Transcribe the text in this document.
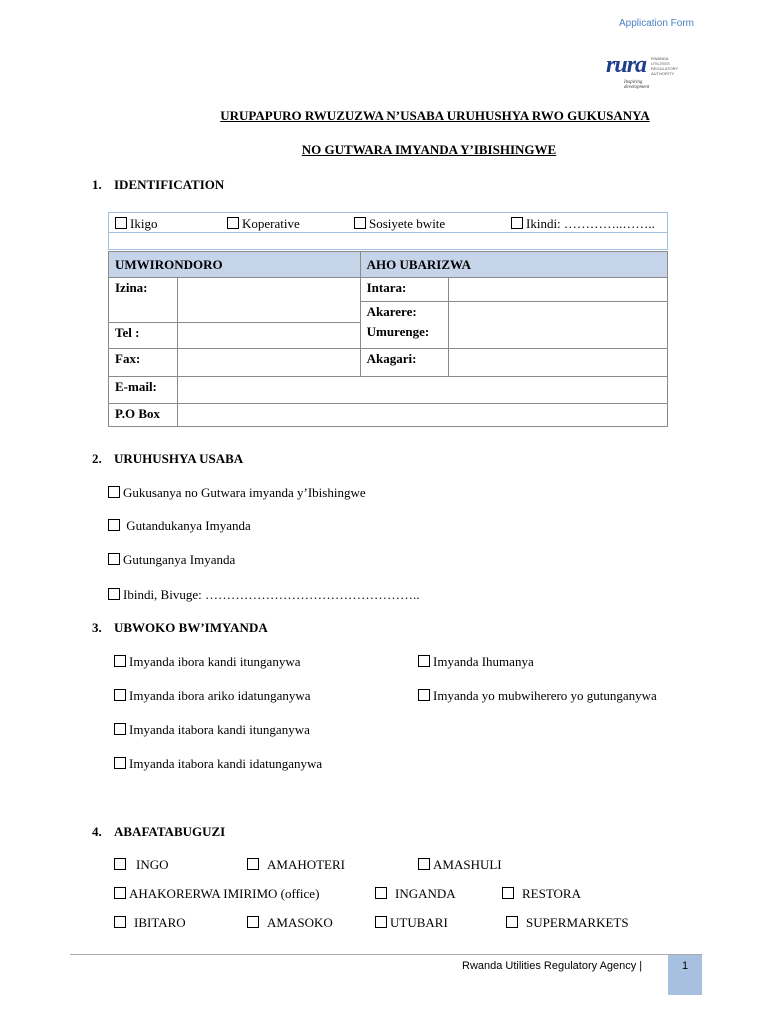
Application Form
rura RWANDA
UTILITIES
REGULATORY
AUTHORITY
Inspiring development
URUPAPURO RWUZUZWA N’USABA URUHUSHYA RWO GUKUSANYA
NO GUTWARA IMYANDA Y’IBISHINGWE
1. IDENTIFICATION
Ikigo	Koperative	Sosiyete bwite	Ikindi: …………..……..
UMWIRONDORO		AHO UBARIZWA	
Izina:		Intara:	
		Akarere:	
Tel :		Umurenge:	
Fax:		Akagari:	
E-mail:			
P.O Box			
2. URUHUSHYA USABA
Gukusanya no Gutwara imyanda y’Ibishingwe
Gutandukanya Imyanda
Gutunganya Imyanda
Ibindi, Bivuge: …………………………………………..
3. UBWOKO BW’IMYANDA
Imyanda ibora kandi itunganywa	Imyanda Ihumanya
Imyanda ibora ariko idatunganywa	Imyanda yo mubwiherero yo gutunganywa
Imyanda itabora kandi itunganywa
Imyanda itabora kandi idatunganywa
4. ABAFATABUGUZI
INGO	AMAHOTERI	AMASHULI
AHAKORERWA IMIRIMO (office)	INGANDA	RESTORA
IBITARO	AMASOKO	UTUBARI	SUPERMARKETS
Rwanda Utilities Regulatory Agency |	1
